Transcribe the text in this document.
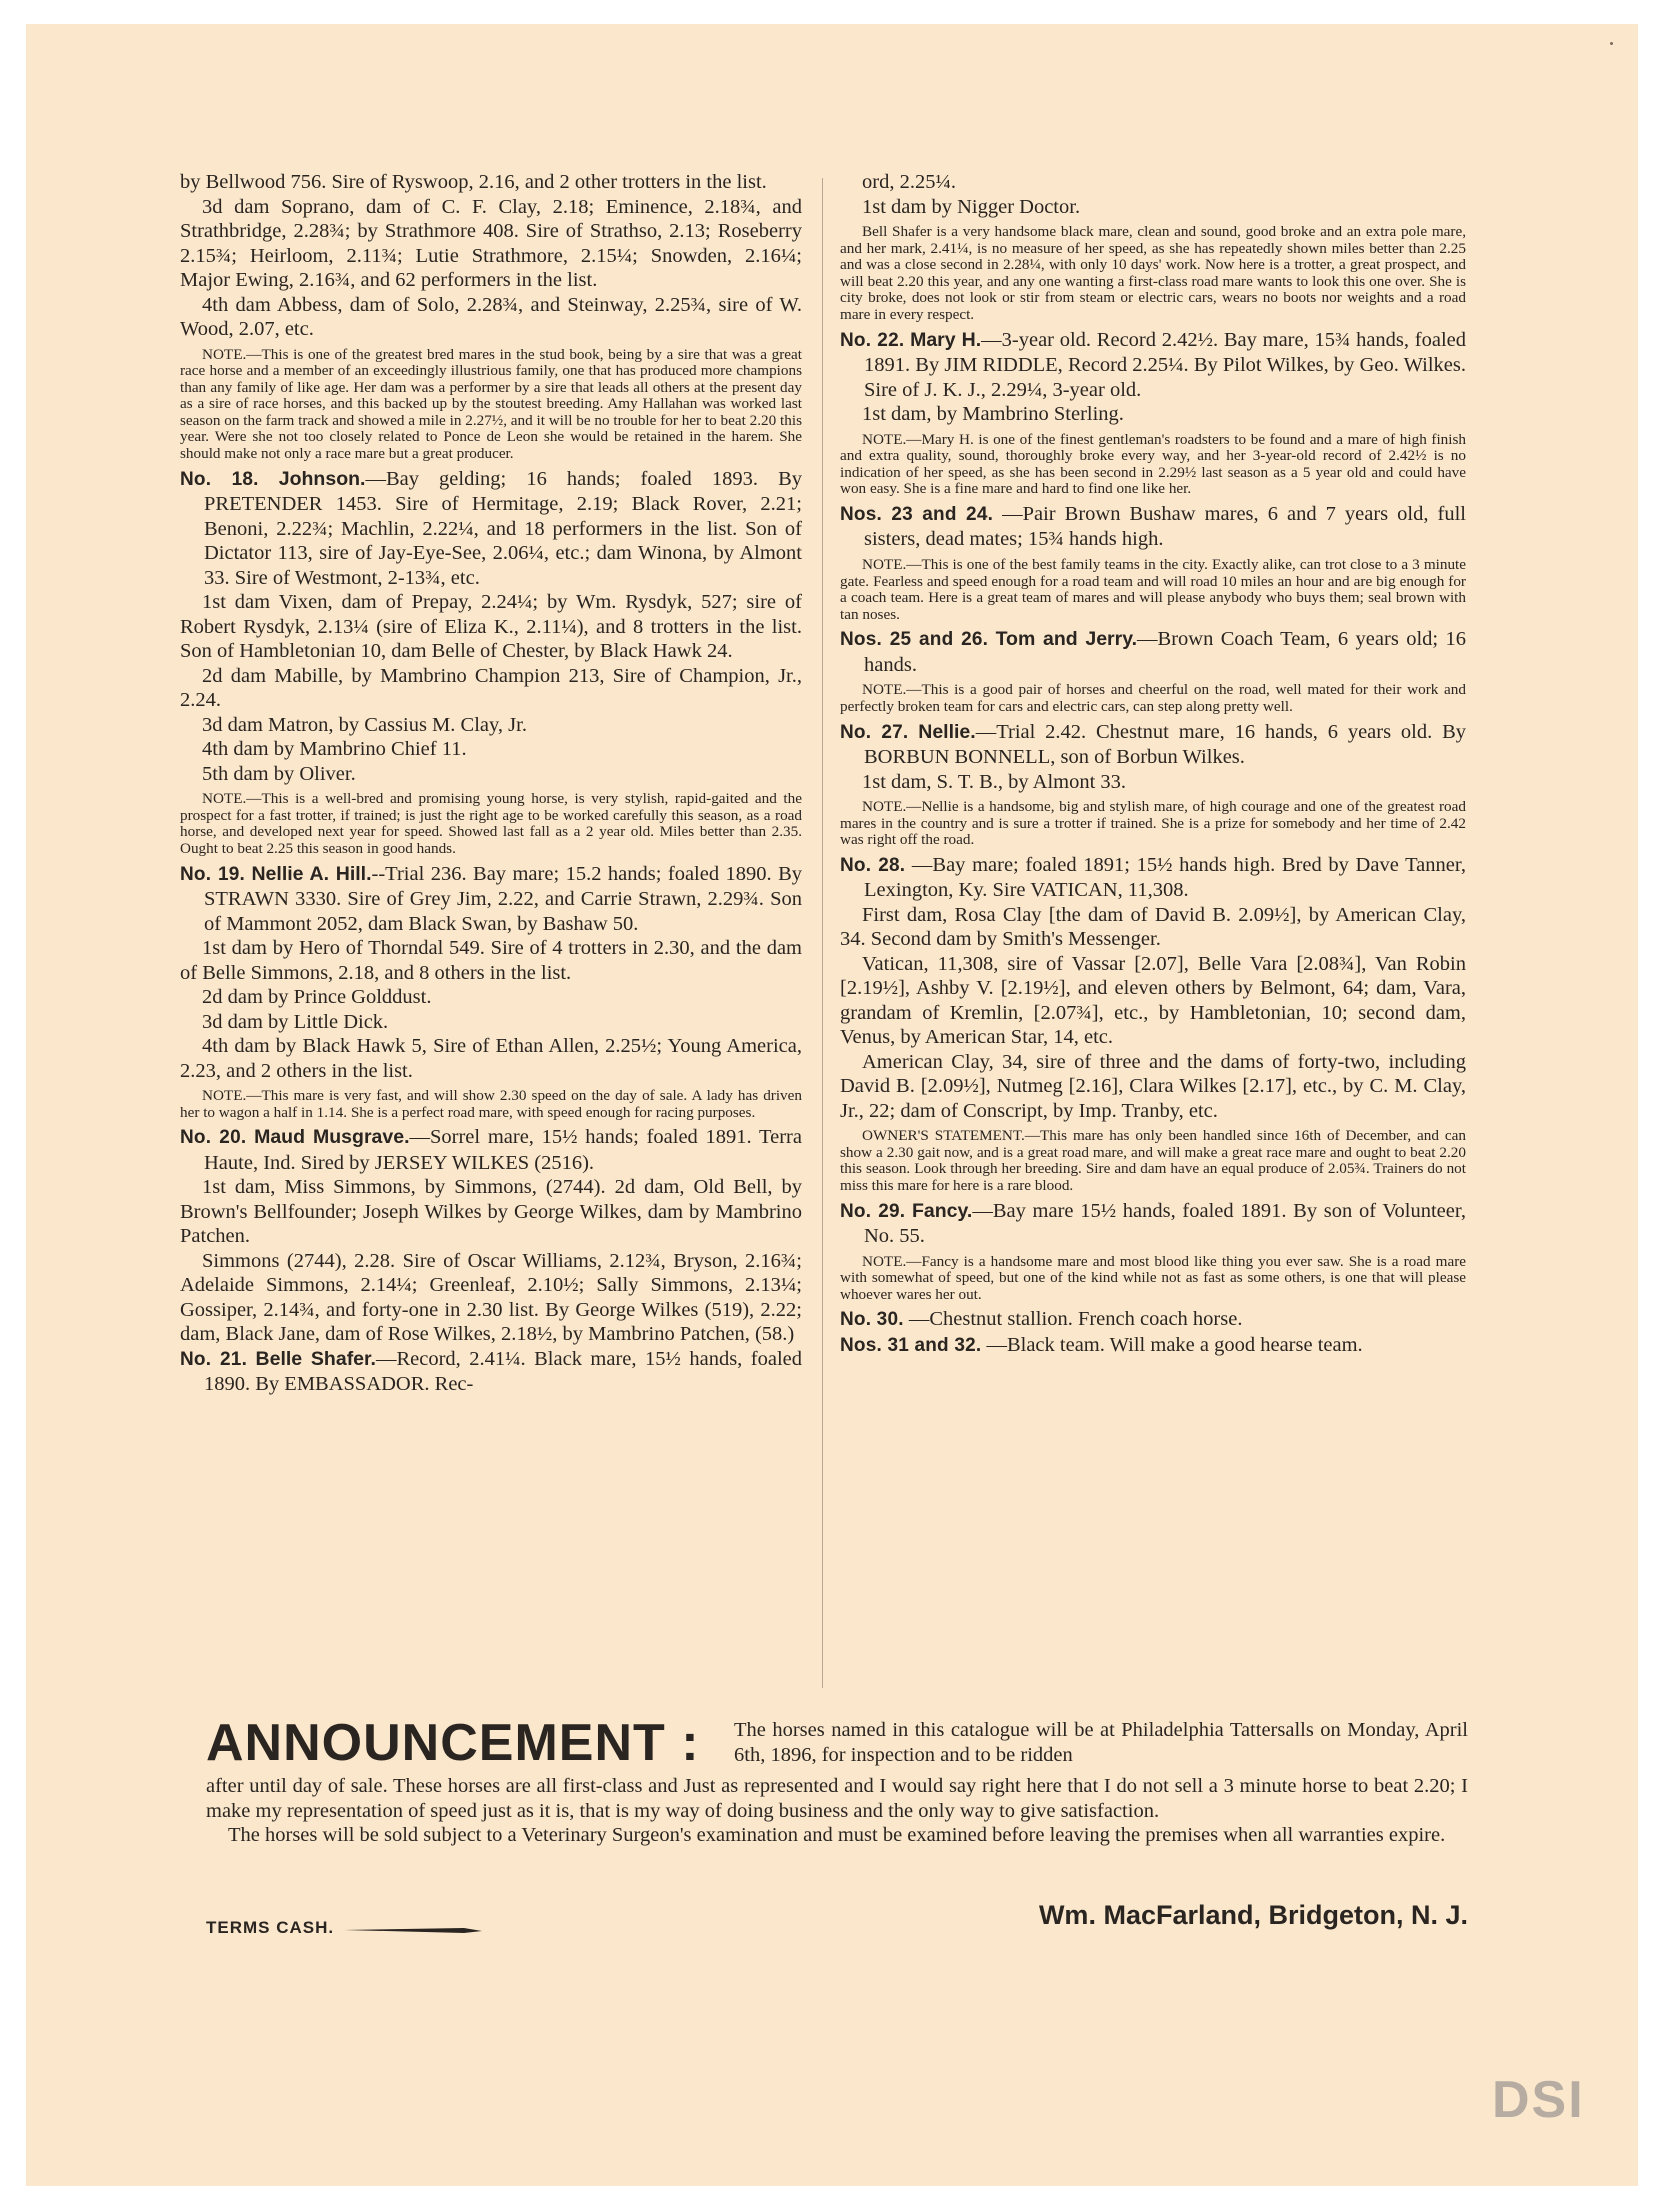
by Bellwood 756. Sire of Ryswoop, 2.16, and 2 other trotters in the list.

3d dam Soprano, dam of C. F. Clay, 2.18; Eminence, 2.18¾, and Strathbridge, 2.28¾; by Strathmore 408. Sire of Strathso, 2.13; Roseberry 2.15¾; Heirloom, 2.11¾; Lutie Strathmore, 2.15¼; Snowden, 2.16¼; Major Ewing, 2.16¾, and 62 performers in the list.

4th dam Abbess, dam of Solo, 2.28¾, and Steinway, 2.25¾, sire of W. Wood, 2.07, etc.

NOTE.—This is one of the greatest bred mares in the stud book, being by a sire that was a great race horse and a member of an exceedingly illustrious family, one that has produced more champions than any family of like age. Her dam was a performer by a sire that leads all others at the present day as a sire of race horses, and this backed up by the stoutest breeding. Amy Hallahan was worked last season on the farm track and showed a mile in 2.27½, and it will be no trouble for her to beat 2.20 this year. Were she not too closely related to Ponce de Leon she would be retained in the harem. She should make not only a race mare but a great producer.

No. 18. Johnson.—Bay gelding; 16 hands; foaled 1893. By PRETENDER 1453. Sire of Hermitage, 2.19; Black Rover, 2.21; Benoni, 2.22¾; Machlin, 2.22¼, and 18 performers in the list. Son of Dictator 113, sire of Jay-Eye-See, 2.06¼, etc.; dam Winona, by Almont 33. Sire of Westmont, 2-13¾, etc.

1st dam Vixen, dam of Prepay, 2.24¼; by Wm. Rysdyk, 527; sire of Robert Rysdyk, 2.13¼ (sire of Eliza K., 2.11¼), and 8 trotters in the list. Son of Hambletonian 10, dam Belle of Chester, by Black Hawk 24.

2d dam Mabille, by Mambrino Champion 213, Sire of Champion, Jr., 2.24.

3d dam Matron, by Cassius M. Clay, Jr.

4th dam by Mambrino Chief 11.

5th dam by Oliver.

NOTE.—This is a well-bred and promising young horse, is very stylish, rapid-gaited and the prospect for a fast trotter, if trained; is just the right age to be worked carefully this season, as a road horse, and developed next year for speed. Showed last fall as a 2 year old. Miles better than 2.35. Ought to beat 2.25 this season in good hands.

No. 19. Nellie A. Hill.--Trial 236. Bay mare; 15.2 hands; foaled 1890. By STRAWN 3330. Sire of Grey Jim, 2.22, and Carrie Strawn, 2.29¾. Son of Mammont 2052, dam Black Swan, by Bashaw 50.

1st dam by Hero of Thorndal 549. Sire of 4 trotters in 2.30, and the dam of Belle Simmons, 2.18, and 8 others in the list.

2d dam by Prince Golddust.

3d dam by Little Dick.

4th dam by Black Hawk 5, Sire of Ethan Allen, 2.25½; Young America, 2.23, and 2 others in the list.

NOTE.—This mare is very fast, and will show 2.30 speed on the day of sale. A lady has driven her to wagon a half in 1.14. She is a perfect road mare, with speed enough for racing purposes.

No. 20. Maud Musgrave.—Sorrel mare, 15½ hands; foaled 1891. Terra Haute, Ind. Sired by JERSEY WILKES (2516).

1st dam, Miss Simmons, by Simmons, (2744). 2d dam, Old Bell, by Brown's Bellfounder; Joseph Wilkes by George Wilkes, dam by Mambrino Patchen.

Simmons (2744), 2.28. Sire of Oscar Williams, 2.12¾, Bryson, 2.16¾; Adelaide Simmons, 2.14¼; Greenleaf, 2.10½; Sally Simmons, 2.13¼; Gossiper, 2.14¾, and forty-one in 2.30 list. By George Wilkes (519), 2.22; dam, Black Jane, dam of Rose Wilkes, 2.18½, by Mambrino Patchen, (58.)

No. 21. Belle Shafer.—Record, 2.41¼. Black mare, 15½ hands, foaled 1890. By EMBASSADOR. Rec-

ord, 2.25¼.

1st dam by Nigger Doctor.

Bell Shafer is a very handsome black mare, clean and sound, good broke and an extra pole mare, and her mark, 2.41¼, is no measure of her speed, as she has repeatedly shown miles better than 2.25 and was a close second in 2.28¼, with only 10 days' work. Now here is a trotter, a great prospect, and will beat 2.20 this year, and any one wanting a first-class road mare wants to look this one over. She is city broke, does not look or stir from steam or electric cars, wears no boots nor weights and a road mare in every respect.

No. 22. Mary H.—3-year old. Record 2.42½. Bay mare, 15¾ hands, foaled 1891. By JIM RIDDLE, Record 2.25¼. By Pilot Wilkes, by Geo. Wilkes. Sire of J. K. J., 2.29¼, 3-year old.

1st dam, by Mambrino Sterling.

NOTE.—Mary H. is one of the finest gentleman's roadsters to be found and a mare of high finish and extra quality, sound, thoroughly broke every way, and her 3-year-old record of 2.42½ is no indication of her speed, as she has been second in 2.29½ last season as a 5 year old and could have won easy. She is a fine mare and hard to find one like her.

Nos. 23 and 24. —Pair Brown Bushaw mares, 6 and 7 years old, full sisters, dead mates; 15¾ hands high.

NOTE.—This is one of the best family teams in the city. Exactly alike, can trot close to a 3 minute gate. Fearless and speed enough for a road team and will road 10 miles an hour and are big enough for a coach team. Here is a great team of mares and will please anybody who buys them; seal brown with tan noses.

Nos. 25 and 26. Tom and Jerry.—Brown Coach Team, 6 years old; 16 hands.

NOTE.—This is a good pair of horses and cheerful on the road, well mated for their work and perfectly broken team for cars and electric cars, can step along pretty well.

No. 27. Nellie.—Trial 2.42. Chestnut mare, 16 hands, 6 years old. By BORBUN BONNELL, son of Borbun Wilkes.

1st dam, S. T. B., by Almont 33.

NOTE.—Nellie is a handsome, big and stylish mare, of high courage and one of the greatest road mares in the country and is sure a trotter if trained. She is a prize for somebody and her time of 2.42 was right off the road.

No. 28. —Bay mare; foaled 1891; 15½ hands high. Bred by Dave Tanner, Lexington, Ky. Sire VATICAN, 11,308.

First dam, Rosa Clay [the dam of David B. 2.09½], by American Clay, 34. Second dam by Smith's Messenger.

Vatican, 11,308, sire of Vassar [2.07], Belle Vara [2.08¾], Van Robin [2.19½], Ashby V. [2.19½], and eleven others by Belmont, 64; dam, Vara, grandam of Kremlin, [2.07¾], etc., by Hambletonian, 10; second dam, Venus, by American Star, 14, etc.

American Clay, 34, sire of three and the dams of forty-two, including David B. [2.09½], Nutmeg [2.16], Clara Wilkes [2.17], etc., by C. M. Clay, Jr., 22; dam of Conscript, by Imp. Tranby, etc.

OWNER'S STATEMENT.—This mare has only been handled since 16th of December, and can show a 2.30 gait now, and is a great road mare, and will make a great race mare and ought to beat 2.20 this season. Look through her breeding. Sire and dam have an equal produce of 2.05¾. Trainers do not miss this mare for here is a rare blood.

No. 29. Fancy.—Bay mare 15½ hands, foaled 1891. By son of Volunteer, No. 55.

NOTE.—Fancy is a handsome mare and most blood like thing you ever saw. She is a road mare with somewhat of speed, but one of the kind while not as fast as some others, is one that will please whoever wares her out.

No. 30. —Chestnut stallion. French coach horse.

Nos. 31 and 32. —Black team. Will make a good hearse team.

ANNOUNCEMENT : The horses named in this catalogue will be at Philadelphia Tattersalls on Monday, April 6th, 1896, for inspection and to be ridden

after until day of sale. These horses are all first-class and Just as represented and I would say right here that I do not sell a 3 minute horse to beat 2.20; I make my representation of speed just as it is, that is my way of doing business and the only way to give satisfaction.

The horses will be sold subject to a Veterinary Surgeon's examination and must be examined before leaving the premises when all warranties expire.

TERMS CASH.	Wm. MacFarland, Bridgeton, N. J.
DSI
